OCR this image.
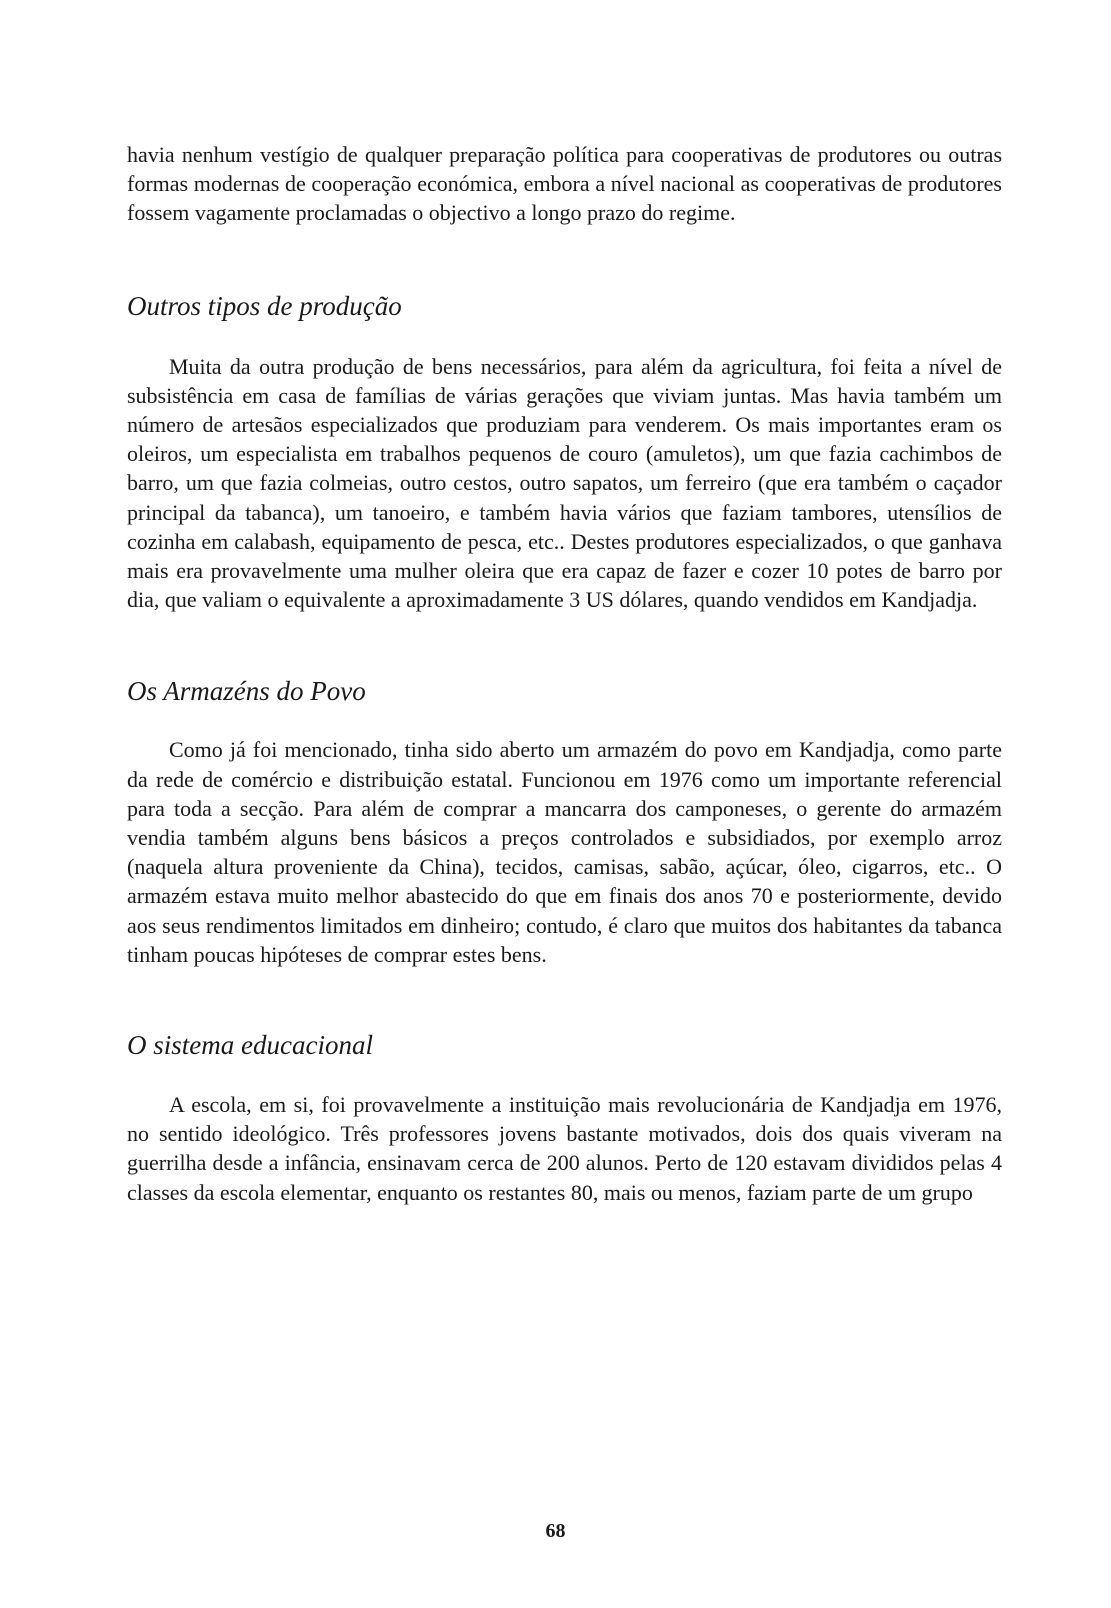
havia nenhum vestígio de qualquer preparação política para cooperativas de produtores ou outras formas modernas de cooperação económica, embora a nível nacional as cooperativas de produtores fossem vagamente proclamadas o objectivo a longo prazo do regime.

Outros tipos de produção

Muita da outra produção de bens necessários, para além da agricultura, foi feita a nível de subsistência em casa de famílias de várias gerações que viviam juntas. Mas havia também um número de artesãos especializados que produziam para venderem. Os mais importantes eram os oleiros, um especialista em trabalhos pequenos de couro (amuletos), um que fazia cachimbos de barro, um que fazia colmeias, outro cestos, outro sapatos, um ferreiro (que era também o caçador principal da tabanca), um tanoeiro, e também havia vários que faziam tambores, utensílios de cozinha em calabash, equipamento de pesca, etc.. Destes produtores especializados, o que ganhava mais era provavelmente uma mulher oleira que era capaz de fazer e cozer 10 potes de barro por dia, que valiam o equivalente a aproximadamente 3 US dólares, quando vendidos em Kandjadja.

Os Armazéns do Povo

Como já foi mencionado, tinha sido aberto um armazém do povo em Kandjadja, como parte da rede de comércio e distribuição estatal. Funcionou em 1976 como um importante referencial para toda a secção. Para além de comprar a mancarra dos camponeses, o gerente do armazém vendia também alguns bens básicos a preços controlados e subsidiados, por exemplo arroz (naquela altura proveniente da China), tecidos, camisas, sabão, açúcar, óleo, cigarros, etc.. O armazém estava muito melhor abastecido do que em finais dos anos 70 e posteriormente, devido aos seus rendimentos limitados em dinheiro; contudo, é claro que muitos dos habitantes da tabanca tinham poucas hipóteses de comprar estes bens.

O sistema educacional

A escola, em si, foi provavelmente a instituição mais revolucionária de Kandjadja em 1976, no sentido ideológico. Três professores jovens bastante motivados, dois dos quais viveram na guerrilha desde a infância, ensinavam cerca de 200 alunos. Perto de 120 estavam divididos pelas 4 classes da escola elementar, enquanto os restantes 80, mais ou menos, faziam parte de um grupo

68
